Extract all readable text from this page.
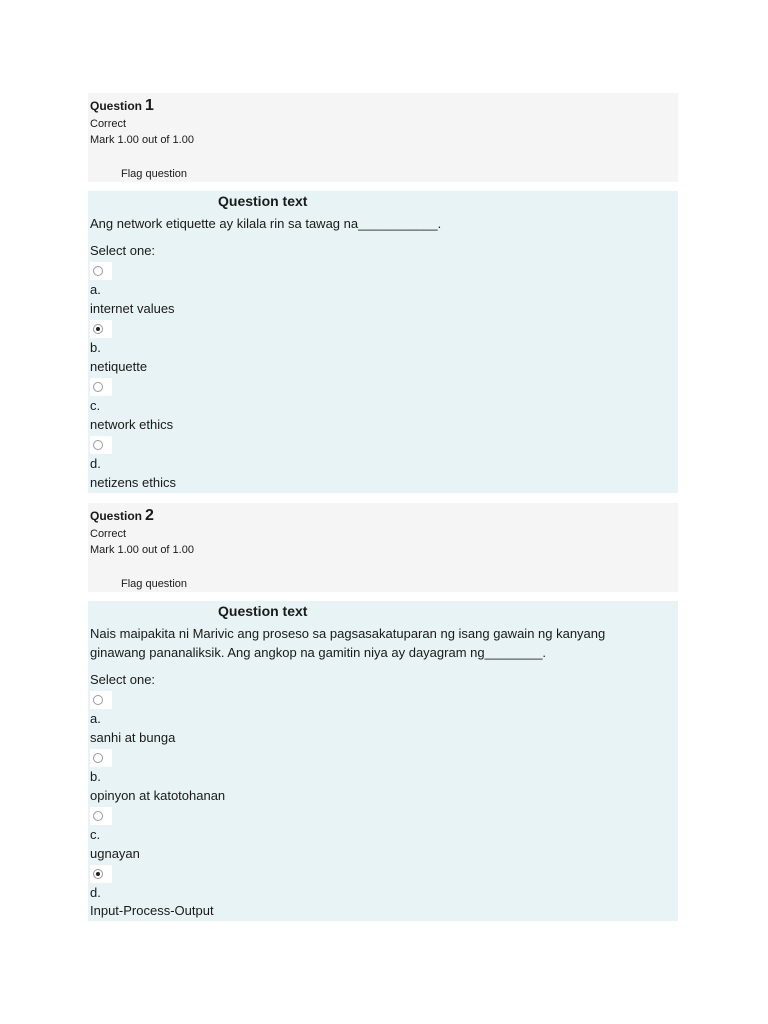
Question 1
Correct
Mark 1.00 out of 1.00
Flag question
Question text
Ang network etiquette ay kilala rin sa tawag na___________.
Select one:
a.
internet values
b.
netiquette
c.
network ethics
d.
netizens ethics
Question 2
Correct
Mark 1.00 out of 1.00
Flag question
Question text
Nais maipakita ni Marivic ang proseso sa pagsasakatuparan ng isang gawain ng kanyang ginawang pananaliksik. Ang angkop na gamitin niya ay dayagram ng________.
Select one:
a.
sanhi at bunga
b.
opinyon at katotohanan
c.
ugnayan
d.
Input-Process-Output
